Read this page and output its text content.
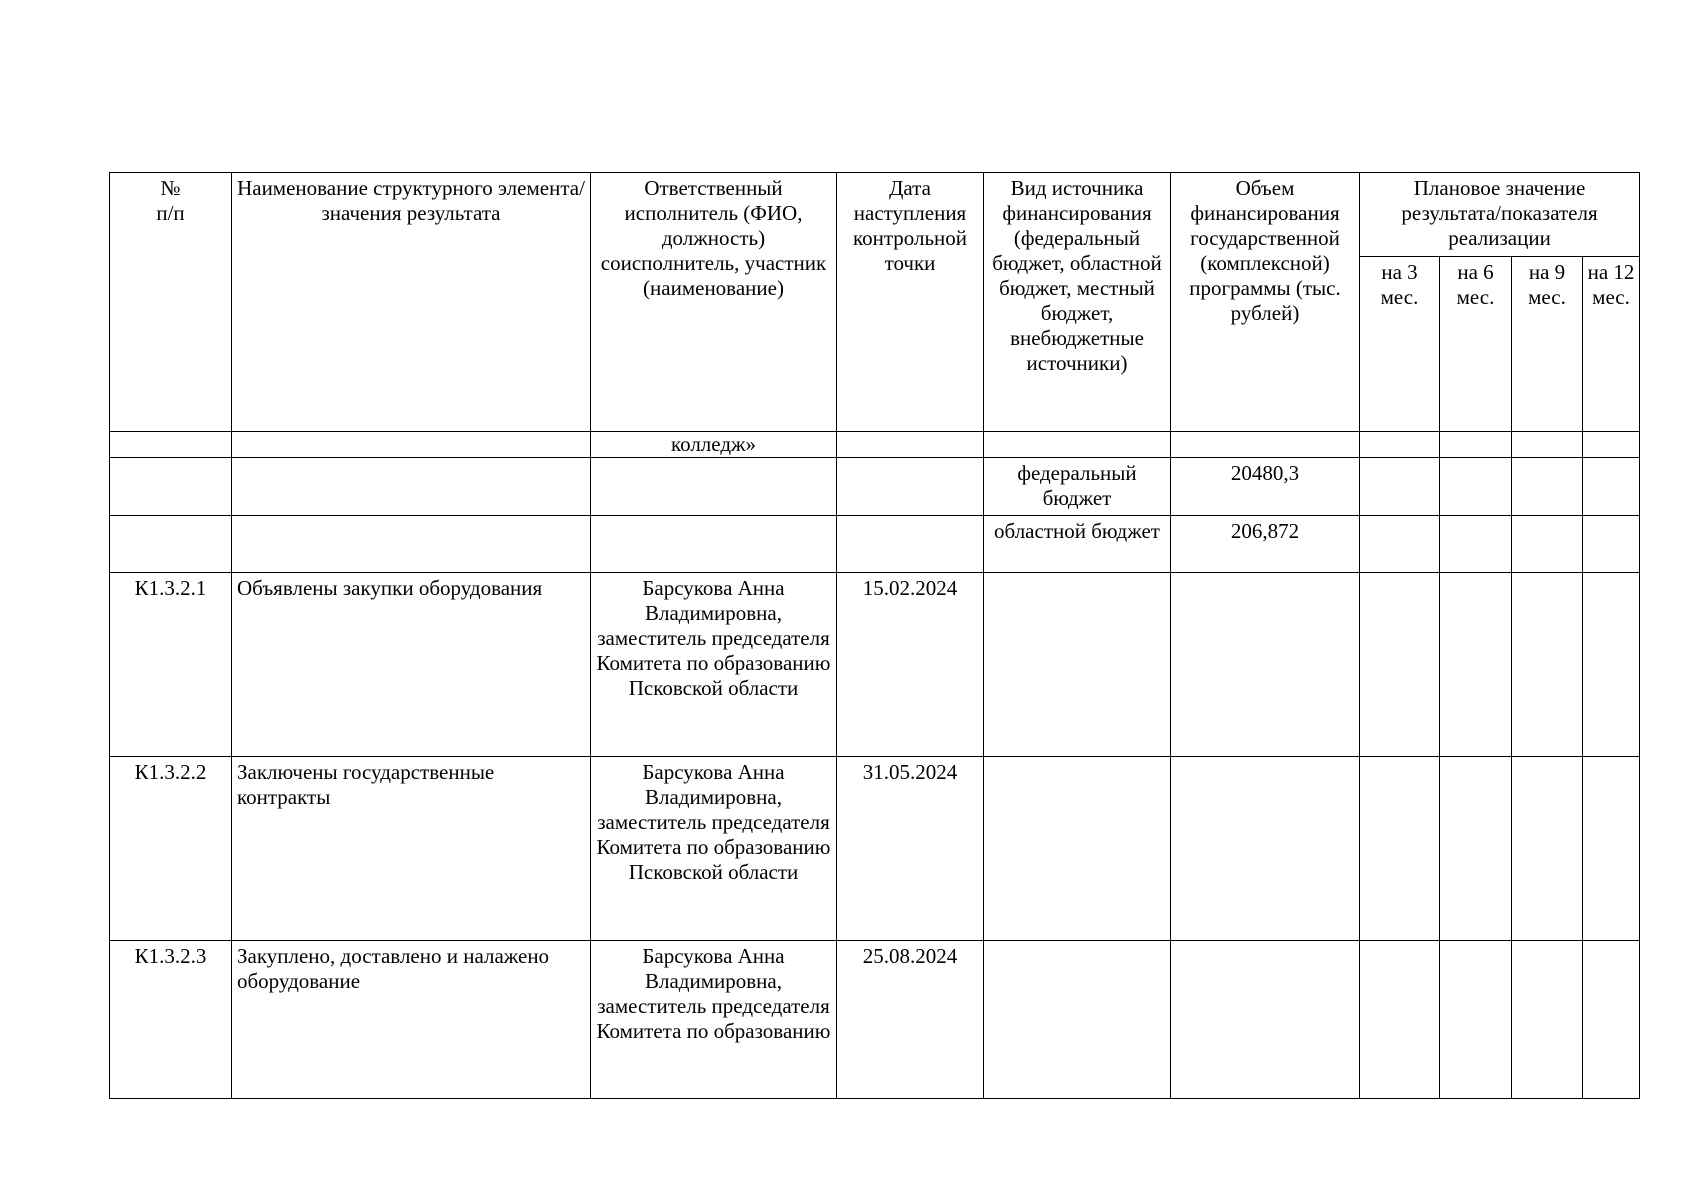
№
п/п	Наименование структурного элемента/ значения результата	Ответственный исполнитель (ФИО, должность) соисполнитель, участник (наименование)	Дата наступления контрольной точки	Вид источника финансирования (федеральный бюджет, областной бюджет, местный бюджет, внебюджетные источники)	Объем финансирования государственной (комплексной) программы (тыс. рублей)	Плановое значение результата/показателя реализации			
						на 3 мес.	на 6 мес.	на 9 мес.	на 12 мес.
		колледж»							
				федеральный бюджет	20480,3				
				областной бюджет	206,872				
К1.3.2.1	Объявлены закупки оборудования	Барсукова Анна Владимировна, заместитель председателя Комитета по образованию Псковской области	15.02.2024						
К1.3.2.2	Заключены государственные контракты	Барсукова Анна Владимировна, заместитель председателя Комитета по образованию Псковской области	31.05.2024						
К1.3.2.3	Закуплено, доставлено и налажено оборудование	Барсукова Анна Владимировна, заместитель председателя Комитета по образованию	25.08.2024						
